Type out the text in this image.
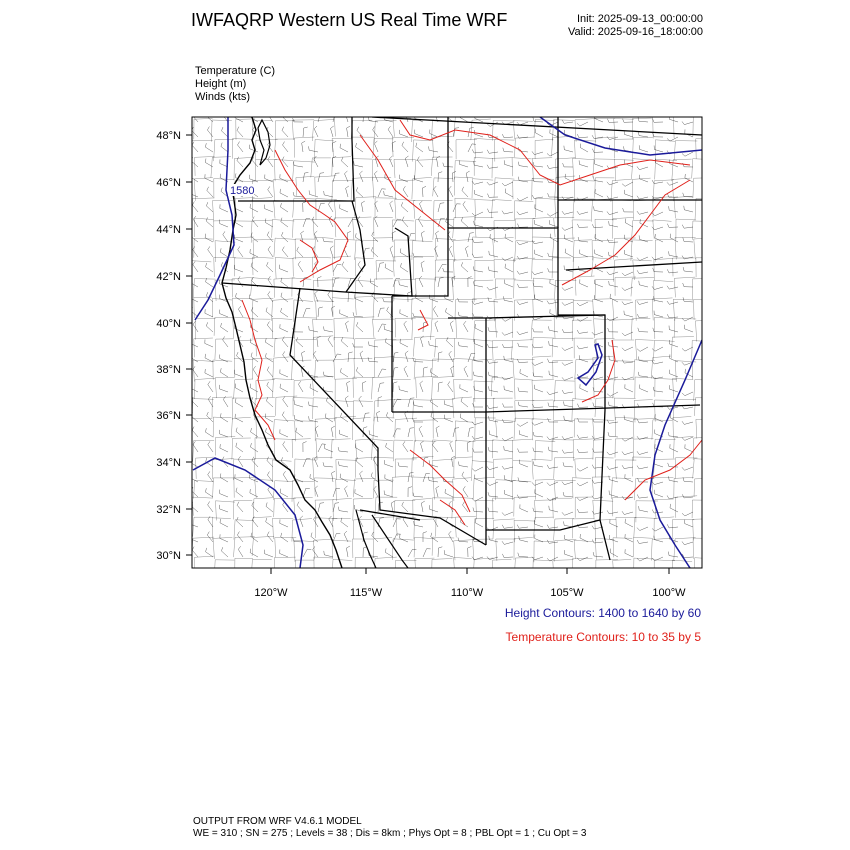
IWFAQRP Western US Real Time WRF	Init: 2025-09-13_00:00:00
Valid: 2025-09-16_18:00:00
Temperature (C)
Height (m)
Winds (kts)
1580
48°N
46°N
44°N
42°N
40°N
38°N
36°N
34°N
32°N
30°N
120°W	115°W	110°W	105°W	100°W
Height Contours: 1400 to 1640 by 60
Temperature Contours: 10 to 35 by 5
OUTPUT FROM WRF V4.6.1 MODEL
WE = 310 ; SN = 275 ; Levels = 38 ; Dis = 8km ; Phys Opt = 8 ; PBL Opt = 1 ; Cu Opt = 3
